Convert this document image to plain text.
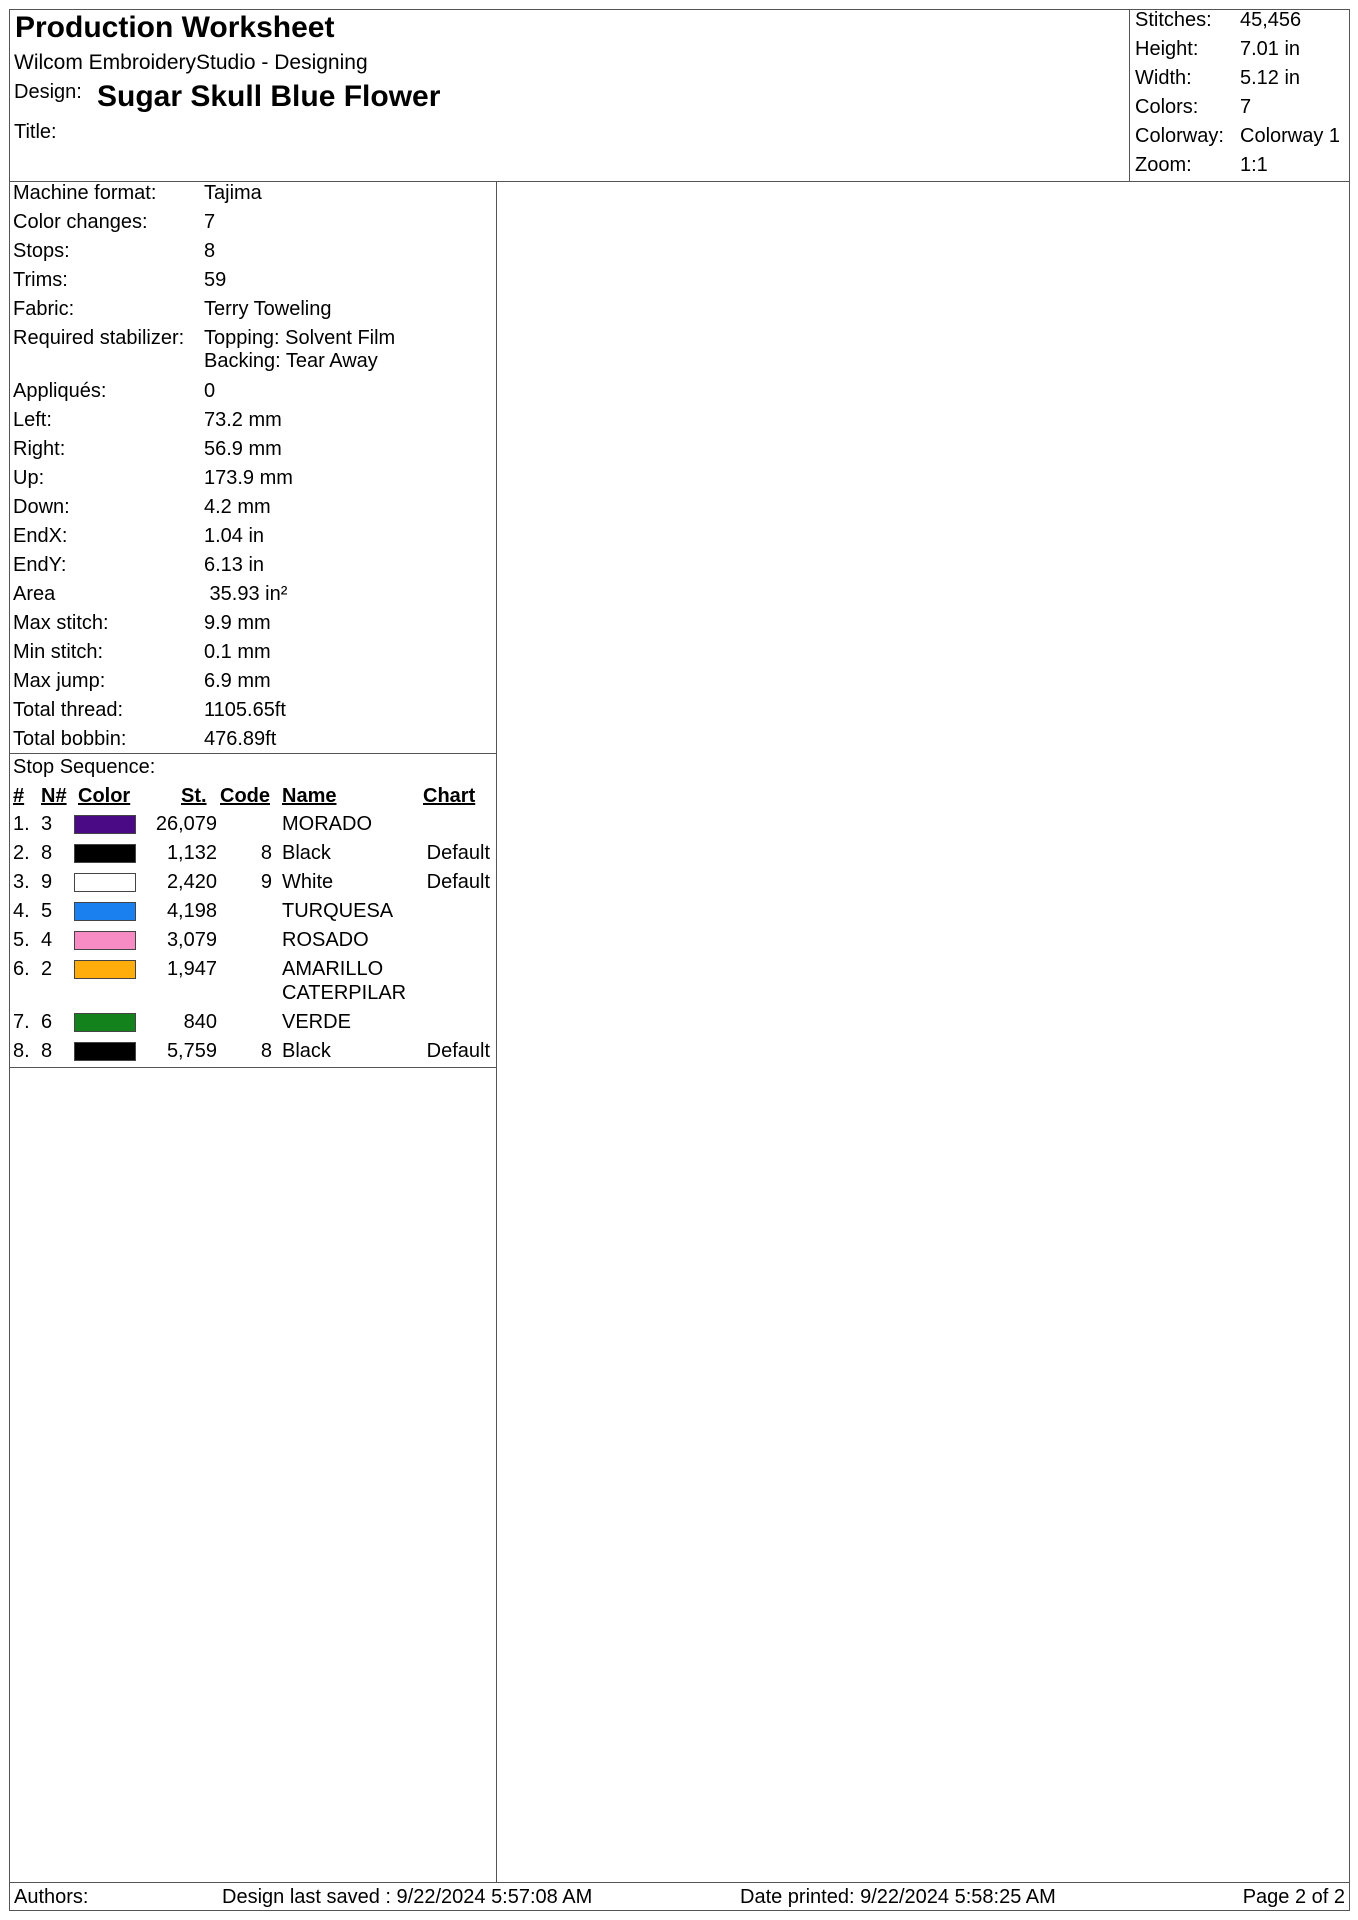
Production Worksheet
Wilcom EmbroideryStudio - Designing
Design: Sugar Skull Blue Flower
Title:
Stitches: 45,456
Height: 7.01 in
Width: 5.12 in
Colors: 7
Colorway: Colorway 1
Zoom: 1:1
Machine format: Tajima
Color changes:	7
Stops:	8
Trims:	59
Fabric:	Terry Toweling
Required stabilizer: Topping: Solvent Film
Backing: Tear Away
Appliqués:	0
Left:	73.2 mm
Right:	56.9 mm
Up:	173.9 mm
Down:	4.2 mm
EndX:	1.04 in
EndY:	6.13 in
Area	35.93 in²
Max stitch:	9.9 mm
Min stitch:	0.1 mm
Max jump:	6.9 mm
Total thread:	1105.65ft
Total bobbin:	476.89ft
Stop Sequence:
# N# Color	St. Code Name	Chart
1. 3	26,079	MORADO
2. 8	1,132 8 Black	Default
3. 9	2,420 9 White	Default
4. 5	4,198	TURQUESA
5. 4	3,079	ROSADO
6. 2	1,947	AMARILLO
CATERPILAR
7. 6	840	VERDE
8. 8	5,759 8 Black	Default
Authors:	Design last saved : 9/22/2024 5:57:08 AM	Date printed: 9/22/2024 5:58:25 AM	Page 2 of 2
